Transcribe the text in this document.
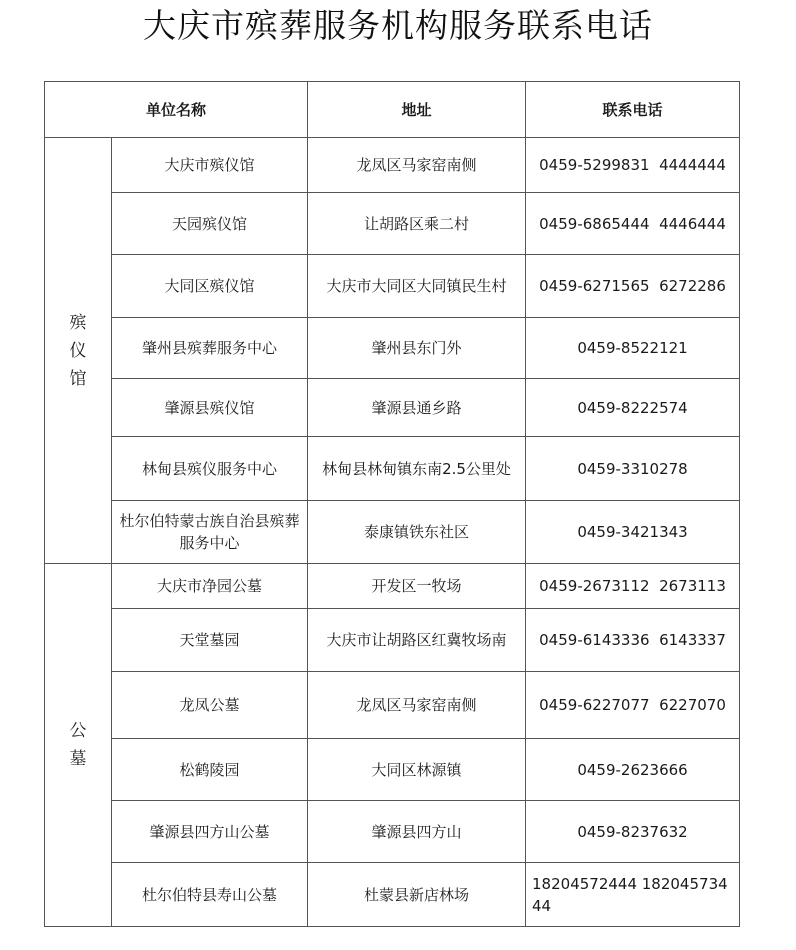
大庆市殡葬服务机构服务联系电话
单位名称		地址	联系电话

殡
仪
馆	大庆市殡仪馆	龙凤区马家窑南侧	0459-5299831  4444444
	天园殡仪馆	让胡路区乘二村	0459-6865444  4446444
	大同区殡仪馆	大庆市大同区大同镇民生村	0459-6271565  6272286
	肇州县殡葬服务中心	肇州县东门外	0459-8522121
	肇源县殡仪馆	肇源县通乡路	0459-8222574
	林甸县殡仪服务中心	林甸县林甸镇东南2.5公里处	0459-3310278
	杜尔伯特蒙古族自治县殡葬服务中心	泰康镇铁东社区	0459-3421343

公
墓	大庆市净园公墓	开发区一牧场	0459-2673112  2673113
	天堂墓园	大庆市让胡路区红冀牧场南	0459-6143336  6143337
	龙凤公墓	龙凤区马家窑南侧	0459-6227077  6227070
	松鹤陵园	大同区林源镇	0459-2623666
	肇源县四方山公墓	肇源县四方山	0459-8237632
	杜尔伯特县寿山公墓	杜蒙县新店林场	18204572444 18204573444
